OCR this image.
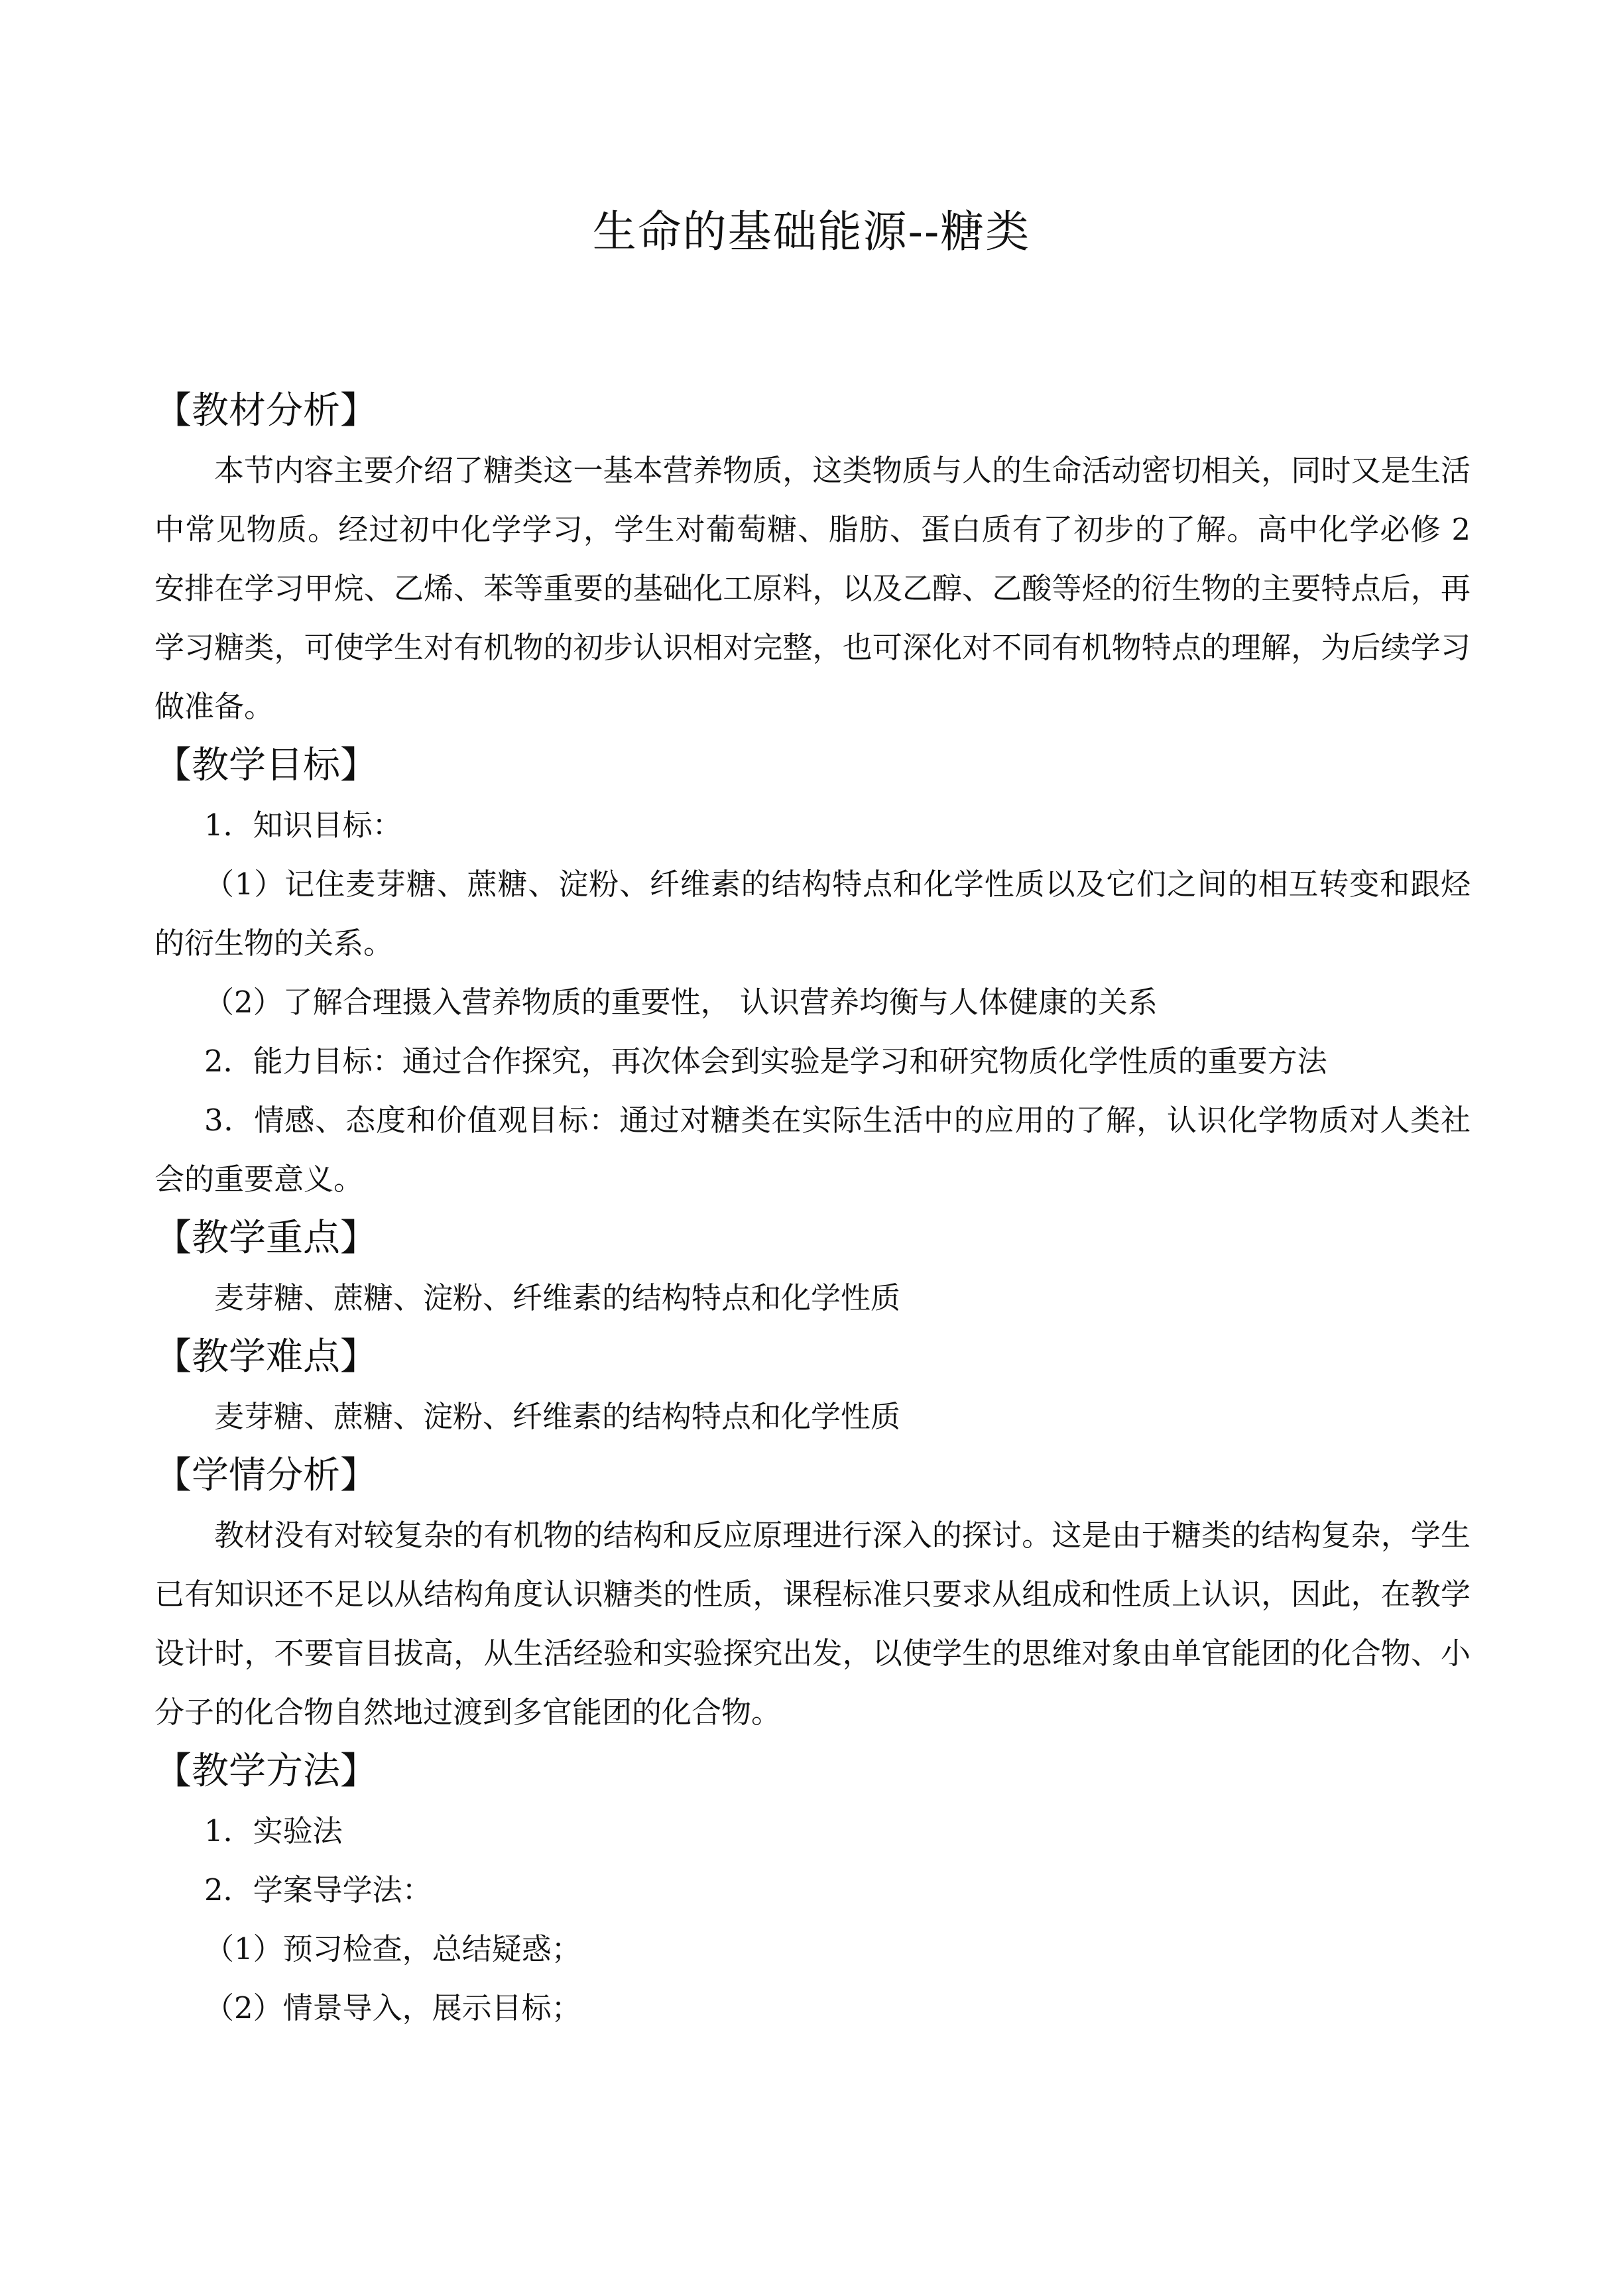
生命的基础能源--糖类
【教材分析】

本节内容主要介绍了糖类这一基本营养物质，这类物质与人的生命活动密切相关，同时又是生活中常见物质。经过初中化学学习，学生对葡萄糖、脂肪、蛋白质有了初步的了解。高中化学必修 2 安排在学习甲烷、乙烯、苯等重要的基础化工原料，以及乙醇、乙酸等烃的衍生物的主要特点后，再学习糖类，可使学生对有机物的初步认识相对完整，也可深化对不同有机物特点的理解，为后续学习做准备。

【教学目标】

1．知识目标：

（1）记住麦芽糖、蔗糖、淀粉、纤维素的结构特点和化学性质以及它们之间的相互转变和跟烃的衍生物的关系。

（2）了解合理摄入营养物质的重要性， 认识营养均衡与人体健康的关系

2．能力目标：通过合作探究，再次体会到实验是学习和研究物质化学性质的重要方法

3．情感、态度和价值观目标：通过对糖类在实际生活中的应用的了解，认识化学物质对人类社会的重要意义。

【教学重点】

麦芽糖、蔗糖、淀粉、纤维素的结构特点和化学性质

【教学难点】

麦芽糖、蔗糖、淀粉、纤维素的结构特点和化学性质

【学情分析】

教材没有对较复杂的有机物的结构和反应原理进行深入的探讨。这是由于糖类的结构复杂，学生已有知识还不足以从结构角度认识糖类的性质，课程标准只要求从组成和性质上认识，因此，在教学设计时，不要盲目拔高，从生活经验和实验探究出发，以使学生的思维对象由单官能团的化合物、小分子的化合物自然地过渡到多官能团的化合物。

【教学方法】

1．实验法

2．学案导学法：

（1）预习检查，总结疑惑；

（2）情景导入，展示目标；
